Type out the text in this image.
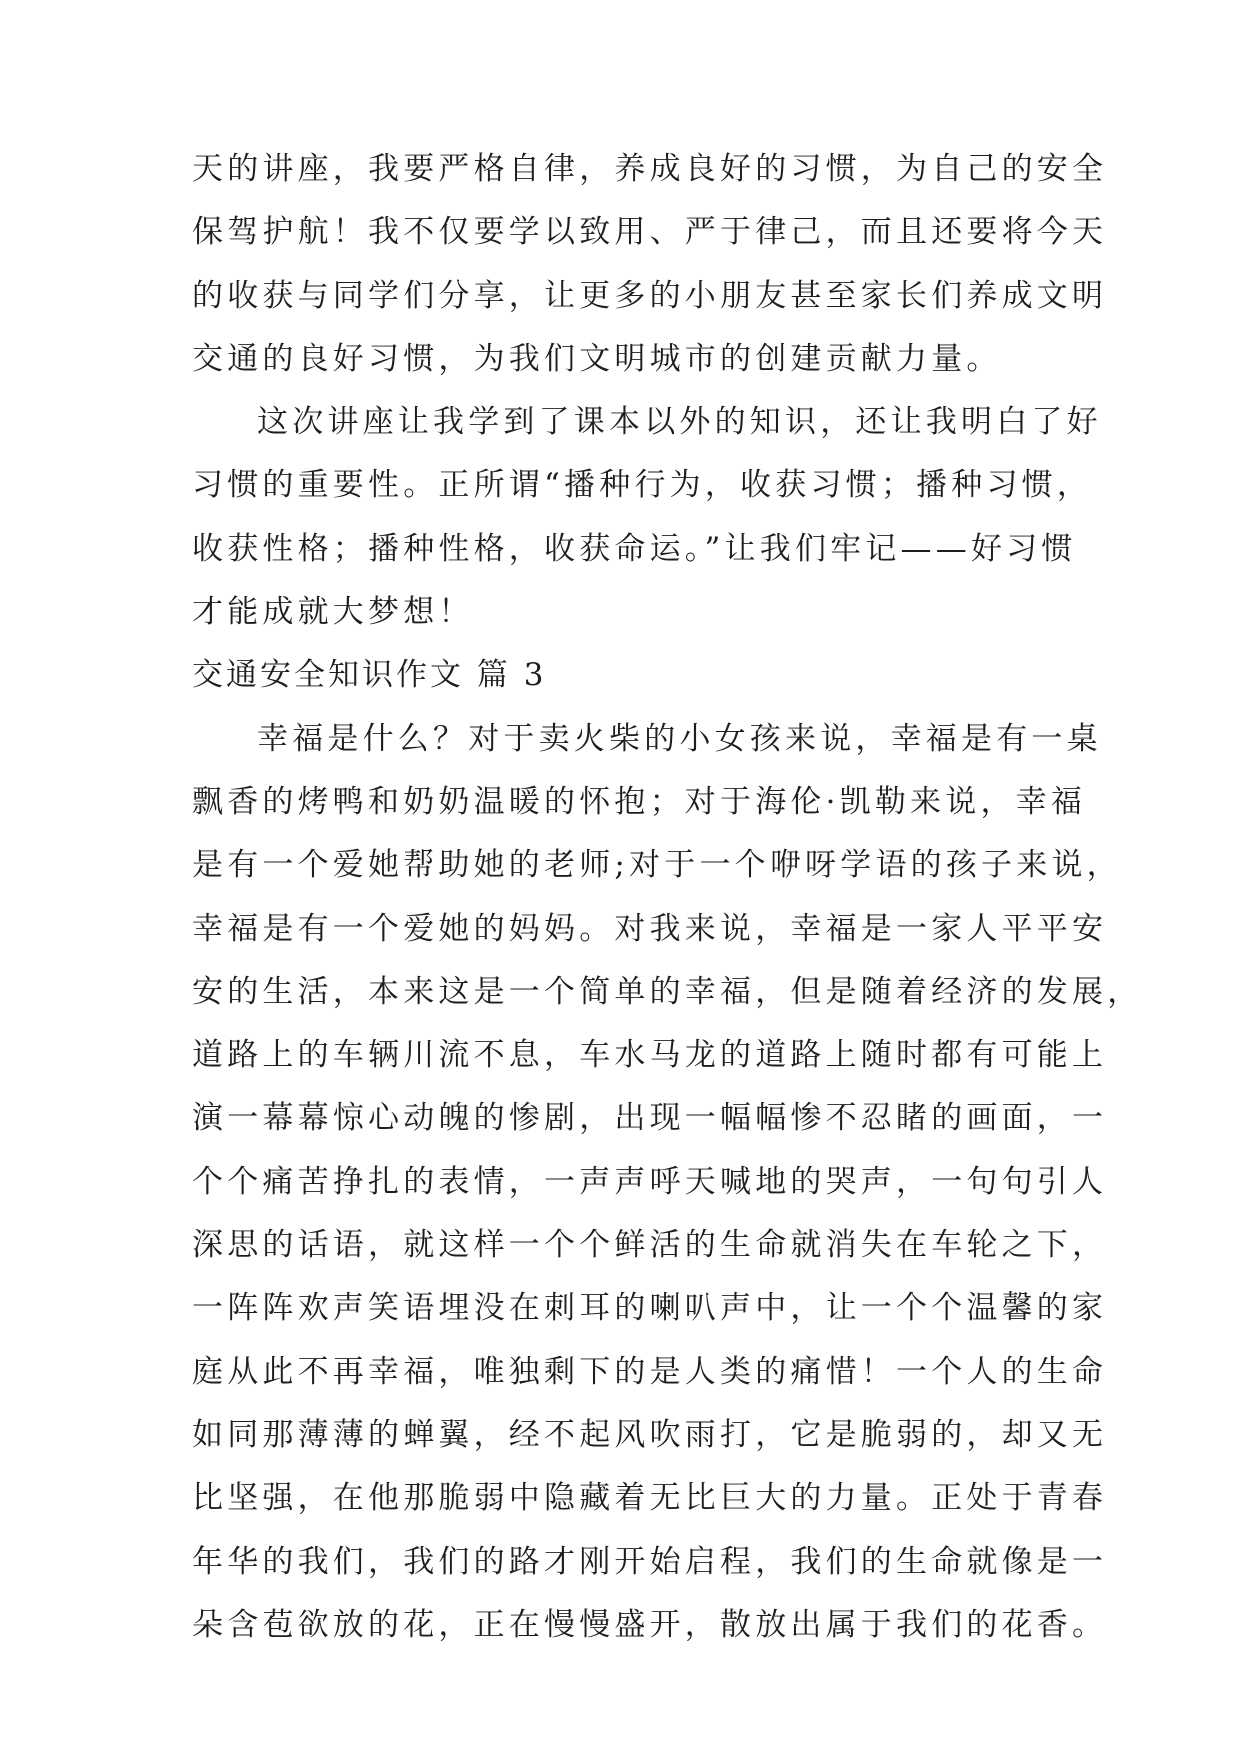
天的讲座，我要严格自律，养成良好的习惯，为自己的安全
保驾护航！我不仅要学以致用、严于律己，而且还要将今天
的收获与同学们分享，让更多的小朋友甚至家长们养成文明
交通的良好习惯，为我们文明城市的创建贡献力量。
这次讲座让我学到了课本以外的知识，还让我明白了好
习惯的重要性。正所谓“播种行为，收获习惯；播种习惯，
收获性格；播种性格，收获命运。”让我们牢记——好习惯
才能成就大梦想！
交通安全知识作文 篇 3
幸福是什么？对于卖火柴的小女孩来说，幸福是有一桌
飘香的烤鸭和奶奶温暖的怀抱；对于海伦·凯勒来说，幸福
是有一个爱她帮助她的老师;对于一个咿呀学语的孩子来说，
幸福是有一个爱她的妈妈。对我来说，幸福是一家人平平安
安的生活，本来这是一个简单的幸福，但是随着经济的发展，
道路上的车辆川流不息，车水马龙的道路上随时都有可能上
演一幕幕惊心动魄的惨剧，出现一幅幅惨不忍睹的画面，一
个个痛苦挣扎的表情，一声声呼天喊地的哭声，一句句引人
深思的话语，就这样一个个鲜活的生命就消失在车轮之下，
一阵阵欢声笑语埋没在刺耳的喇叭声中，让一个个温馨的家
庭从此不再幸福，唯独剩下的是人类的痛惜！一个人的生命
如同那薄薄的蝉翼，经不起风吹雨打，它是脆弱的，却又无
比坚强，在他那脆弱中隐藏着无比巨大的力量。正处于青春
年华的我们，我们的路才刚开始启程，我们的生命就像是一
朵含苞欲放的花，正在慢慢盛开，散放出属于我们的花香。
